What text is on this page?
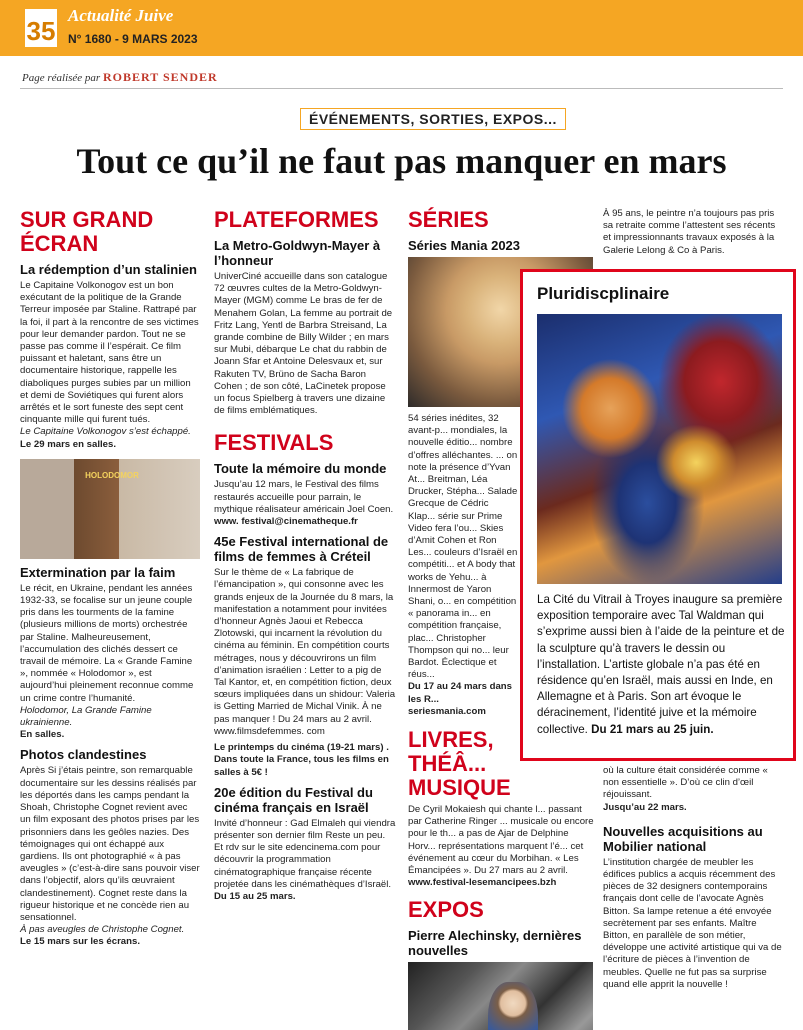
35
Actualité Juive
N° 1680 - 9 MARS 2023
Page réalisée par ROBERT SENDER
ÉVÉNEMENTS, SORTIES, EXPOS...
Tout ce qu’il ne faut pas manquer en mars
SUR GRAND ÉCRAN
La rédemption d’un stalinien
Le Capitaine Volkonogov est un bon exécutant de la politique de la Grande Terreur imposée par Staline. Rattrapé par la foi, il part à la rencontre de ses victimes pour leur demander pardon. Tout ne se passe pas comme il l’espérait. Ce film puissant et haletant, sans être un documentaire historique, rappelle les diaboliques purges subies par un million et demi de Soviétiques qui furent alors arrêtés et le sort funeste des sept cent cinquante mille qui furent tués.
Le Capitaine Volkonogov s’est échappé.
Le 29 mars en salles.
HOLODOMOR
Extermination par la faim
Le récit, en Ukraine, pendant les années 1932-33, se focalise sur un jeune couple pris dans les tourments de la famine (plusieurs millions de morts) orchestrée par Staline. Malheureusement, l’accumulation des clichés dessert ce travail de mémoire. La « Grande Famine », nommée « Holodomor », est aujourd’hui pleinement reconnue comme un crime contre l’humanité.
Holodomor, La Grande Famine ukrainienne.
En salles.
Photos clandestines
Après Si j’étais peintre, son remarquable documentaire sur les dessins réalisés par les déportés dans les camps pendant la Shoah, Christophe Cognet revient avec un film exposant des photos prises par les prisonniers dans les geôles nazies. Des témoignages qui ont échappé aux gardiens. Ils ont photographié « à pas aveugles » (c’est-à-dire sans pouvoir viser dans l’objectif, alors qu’ils œuvraient clandestinement). Cognet reste dans la rigueur historique et ne concède rien au sensationnel.
À pas aveugles de Christophe Cognet.
Le 15 mars sur les écrans.
PLATEFORMES
La Metro-Goldwyn-Mayer à l’honneur
UniverCiné accueille dans son catalogue 72 œuvres cultes de la Metro-Goldwyn-Mayer (MGM) comme Le bras de fer de Menahem Golan, La femme au portrait de Fritz Lang, Yentl de Barbra Streisand, La grande combine de Billy Wilder ; en mars sur Mubi, débarque Le chat du rabbin de Joann Sfar et Antoine Delesvaux et, sur Rakuten TV, Brüno de Sacha Baron Cohen ; de son côté, LaCinetek propose un focus Spielberg à travers une dizaine de films emblématiques.
FESTIVALS
Toute la mémoire du monde
Jusqu’au 12 mars, le Festival des films restaurés accueille pour parrain, le mythique réalisateur américain Joel Coen.
www. festival@cinematheque.fr
45e Festival international de films de femmes à Créteil
Sur le thème de « La fabrique de l’émancipation », qui consonne avec les grands enjeux de la Journée du 8 mars, la manifestation a notamment pour invitées d’honneur Agnès Jaoui et Rebecca Zlotowski, qui incarnent la révolution du cinéma au féminin. En compétition courts métrages, nous y découvrirons un film d’animation israélien : Letter to a pig de Tal Kantor, et, en compétition fiction, deux sœurs impliquées dans un shidour: Valeria is Getting Married de Michal Vinik. À ne pas manquer ! Du 24 mars au 2 avril. www.filmsdefemmes. com
Le printemps du cinéma (19-21 mars) . Dans toute la France, tous les films en salles à 5€ !
20e édition du Festival du cinéma français en Israël
Invité d’honneur : Gad Elmaleh qui viendra présenter son dernier film Reste un peu. Et rdv sur le site edencinema.com pour découvrir la programmation cinématographique française récente projetée dans les cinémathèques d’Israël.
Du 15 au 25 mars.
SÉRIES
Séries Mania 2023
54 séries inédites, 32 avant-p... mondiales, la nouvelle éditio... nombre d’offres alléchantes. ... on note la présence d’Yvan At... Breitman, Léa Drucker, Stépha... Salade Grecque de Cédric Klap... série sur Prime Video fera l’ou... Skies d’Amit Cohen et Ron Les... couleurs d’Israël en compétiti... et A body that works de Yehu... à Innermost de Yaron Shani, o... en compétition « panorama in... en compétition française, plac... Christopher Thompson qui no... leur Bardot. Éclectique et réus...
Du 17 au 24 mars dans les R...
seriesmania.com
LIVRES, THÉÂ... MUSIQUE
De Cyril Mokaiesh qui chante l... passant par Catherine Ringer ... musicale ou encore pour le th... a pas de Ajar de Delphine Horv... représentations marquent l’é... cet événement au cœur du Morbihan. « Les Émancipées ». Du 27 mars au 2 avril.
www.festival-lesemancipees.bzh
EXPOS
Pierre Alechinsky, dernières nouvelles
À 95 ans, le peintre n’a toujours pas pris sa retraite comme l’attestent ses récents et impressionnants travaux exposés à la Galerie Lelong & Co à Paris.
où la culture était considérée comme « non essentielle ». D’où ce clin d’œil réjouissant.
Jusqu’au 22 mars.
Nouvelles acquisitions au Mobilier national
L’institution chargée de meubler les édifices publics a acquis récemment des pièces de 32 designers contemporains français dont celle de l’avocate Agnès Bitton. Sa lampe retenue a été envoyée secrètement par ses enfants. Maître Bitton, en parallèle de son métier, développe une activité artistique qui va de l’écriture de pièces à l’invention de meubles. Quelle ne fut pas sa surprise quand elle apprit la nouvelle !
Pluridiscplinaire
La Cité du Vitrail à Troyes inaugure sa première exposition temporaire avec Tal Waldman qui s’exprime aussi bien à l’aide de la peinture et de la sculpture qu’à travers le dessin ou l’installation. L’artiste globale n’a pas été en résidence qu’en Israël, mais aussi en Inde, en Allemagne et à Paris. Son art évoque le déracinement, l’identité juive et la mémoire collective. Du 21 mars au 25 juin.
